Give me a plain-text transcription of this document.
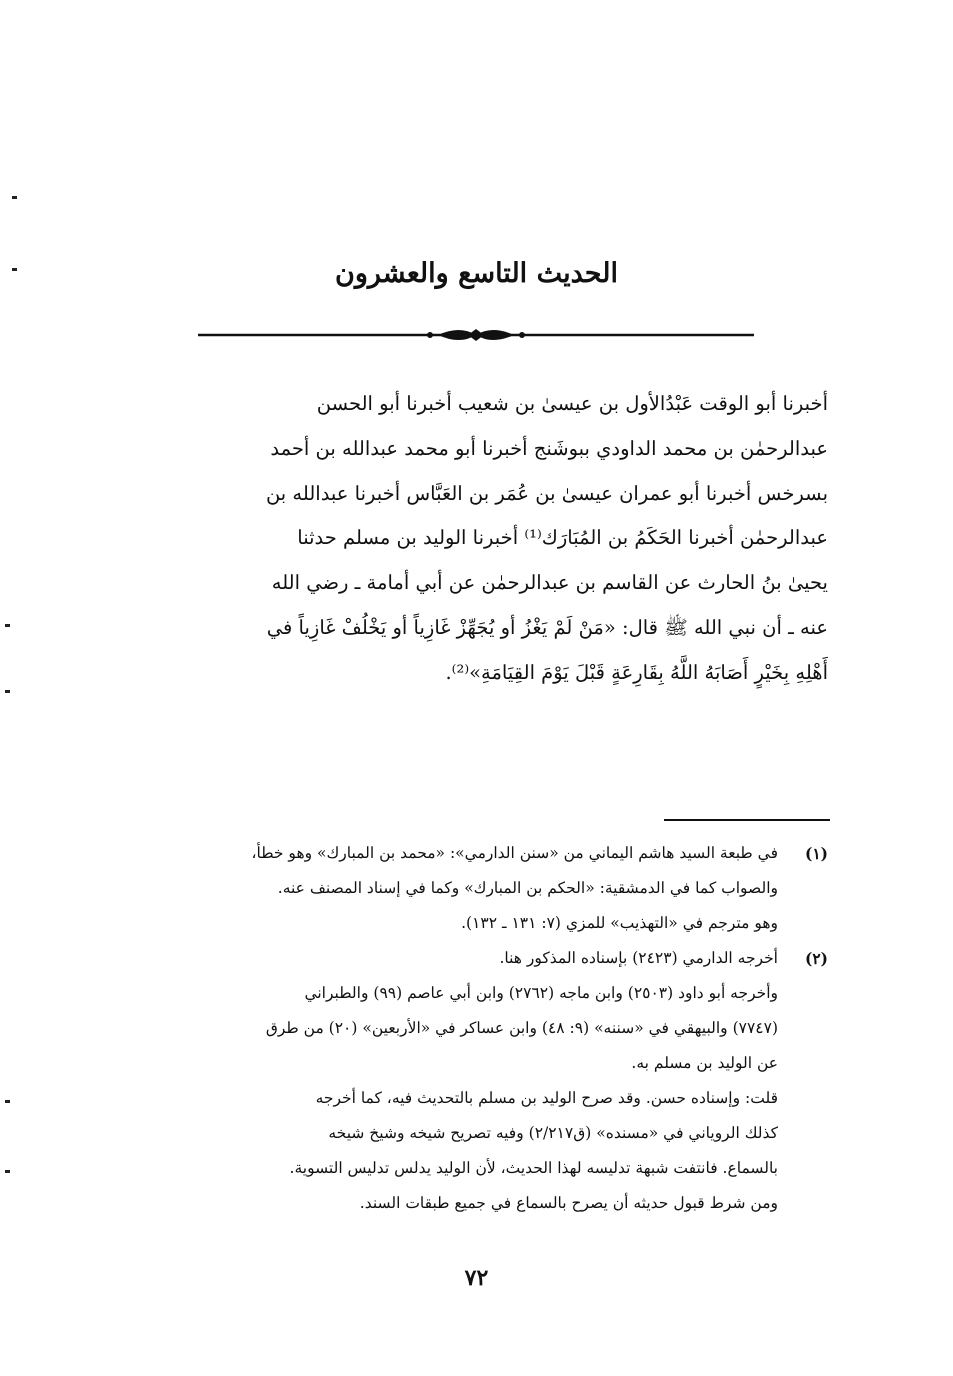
الحديث التاسع والعشرون
أخبرنا أبو الوقت عَبْدُالأول بن عيسىٰ بن شعيب أخبرنا أبو الحسن
عبدالرحمٰن بن محمد الداودي ببوشَنج أخبرنا أبو محمد عبدالله بن أحمد
بسرخس أخبرنا أبو عمران عيسىٰ بن عُمَر بن العَبَّاس أخبرنا عبدالله بن
عبدالرحمٰن أخبرنا الحَكَمُ بن المُبَارَك⁽¹⁾ أخبرنا الوليد بن مسلم حدثنا
يحيىٰ بنُ الحارث عن القاسم بن عبدالرحمٰن عن أبي أمامة ـ رضي الله
عنه ـ أن نبي الله ﷺ قال: «مَنْ لَمْ يَغْزُ أو يُجَهِّزْ غَازِياً أو يَخْلُفْ غَازِياً في
أَهْلِهِ بِخَيْرٍ أَصَابَهُ اللَّهُ بِقَارِعَةٍ قَبْلَ يَوْمَ القِيَامَةِ»⁽²⁾.
(١)
في طبعة السيد هاشم اليماني من «سنن الدارمي»: «محمد بن المبارك» وهو خطأ،
والصواب كما في الدمشقية: «الحكم بن المبارك» وكما في إسناد المصنف عنه.
وهو مترجم في «التهذيب» للمزي (٧: ١٣١ ـ ١٣٢).
(٢)
أخرجه الدارمي (٢٤٢٣) بإسناده المذكور هنا.
وأخرجه أبو داود (٢٥٠٣) وابن ماجه (٢٧٦٢) وابن أبي عاصم (٩٩) والطبراني
(٧٧٤٧) والبيهقي في «سننه» (٩: ٤٨) وابن عساكر في «الأربعين» (٢٠) من طرق
عن الوليد بن مسلم به.
قلت: وإسناده حسن. وقد صرح الوليد بن مسلم بالتحديث فيه، كما أخرجه
كذلك الروياني في «مسنده» (ق٢/٢١٧) وفيه تصريح شيخه وشيخ شيخه
بالسماع. فانتفت شبهة تدليسه لهذا الحديث، لأن الوليد يدلس تدليس التسوية.
ومن شرط قبول حديثه أن يصرح بالسماع في جميع طبقات السند.
٧٢
